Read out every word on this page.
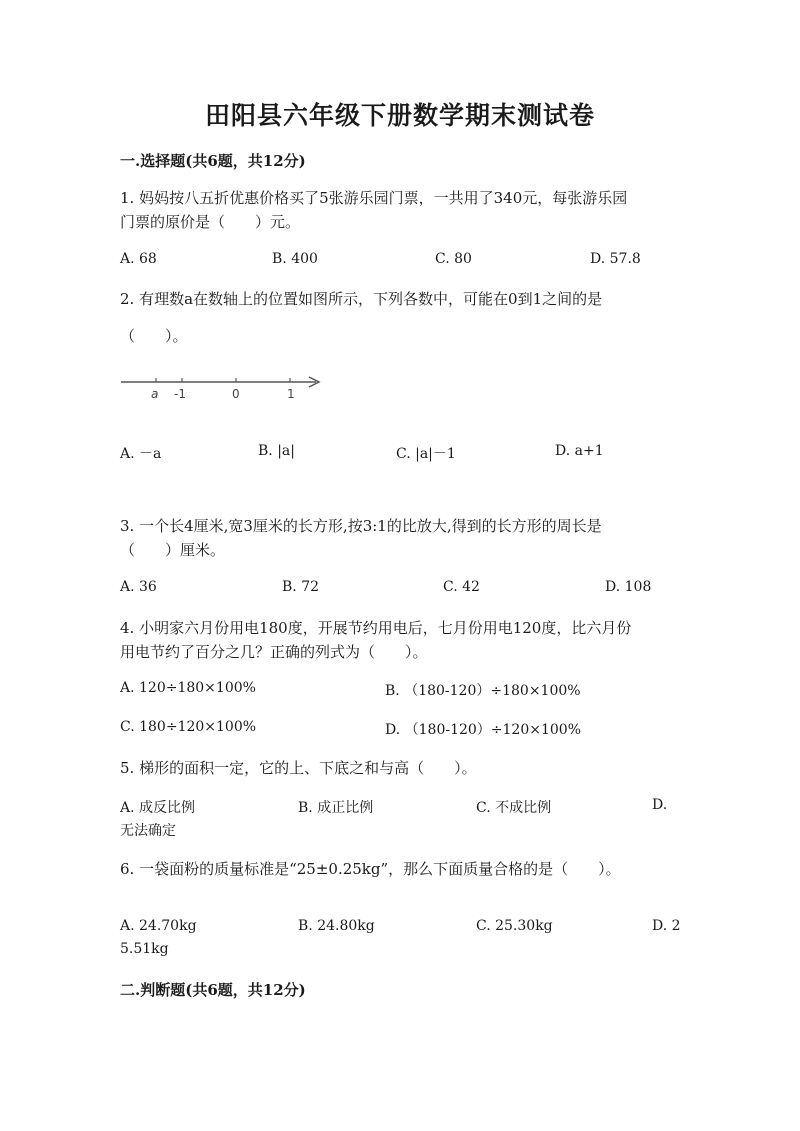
田阳县六年级下册数学期末测试卷
一.选择题(共6题，共12分)
1. 妈妈按八五折优惠价格买了5张游乐园门票，一共用了340元，每张游乐园
门票的原价是（　　）元。
A. 68	B. 400	C. 80	D. 57.8
2. 有理数a在数轴上的位置如图所示，下列各数中，可能在0到1之间的是
（　　）。
a -1	0	1
A. －a	B. |a|	C. |a|－1	D. a+1
3. 一个长4厘米,宽3厘米的长方形,按3:1的比放大,得到的长方形的周长是
（　　）厘米。
A. 36	B. 72	C. 42	D. 108
4. 小明家六月份用电180度，开展节约用电后，七月份用电120度，比六月份
用电节约了百分之几？正确的列式为（　　）。
A. 120÷180×100%	B. （180-120）÷180×100%
C. 180÷120×100%	D. （180-120）÷120×100%
5. 梯形的面积一定，它的上、下底之和与高（　　）。
A. 成反比例	B. 成正比例	C. 不成比例	D.
无法确定
6. 一袋面粉的质量标准是“25±0.25kg”，那么下面质量合格的是（　　）。
A. 24.70kg	B. 24.80kg	C. 25.30kg	D. 2
5.51kg
二.判断题(共6题，共12分)
